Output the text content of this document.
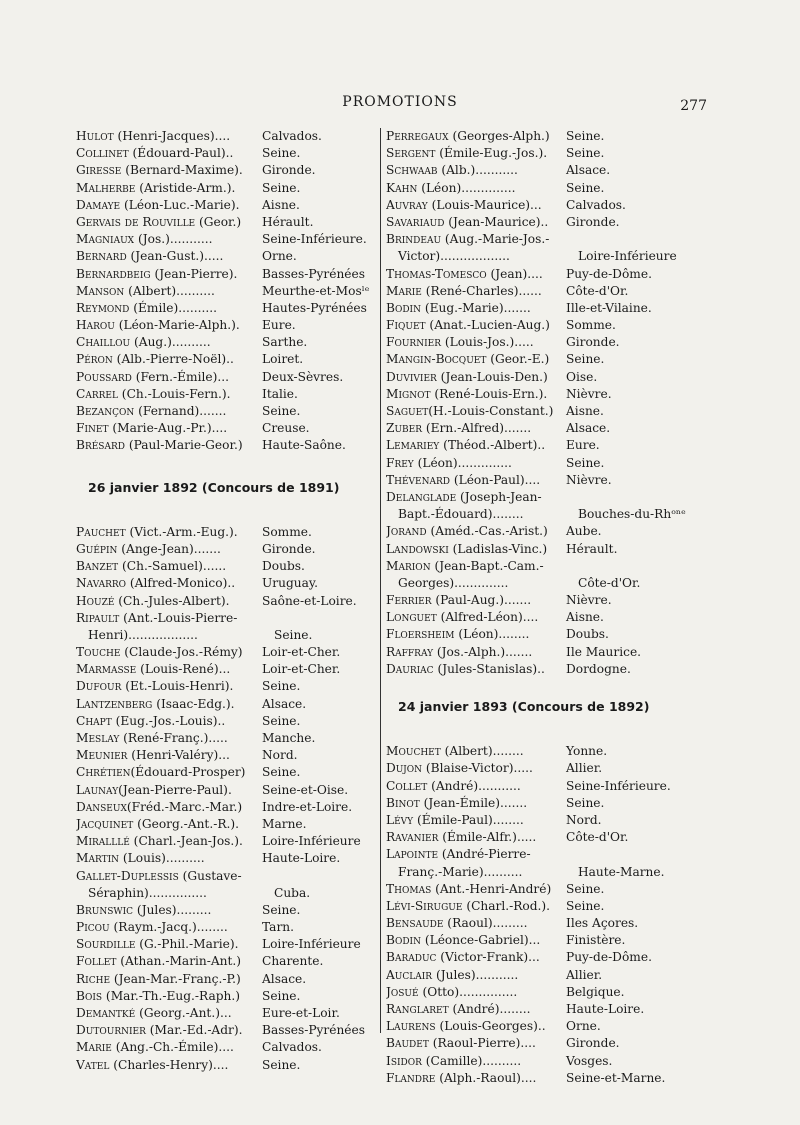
PROMOTIONS	277
Hulot (Henri-Jacques)....	Calvados.
Collinet (Édouard-Paul)..	Seine.
Giresse (Bernard-Maxime).	Gironde.
Malherbe (Aristide-Arm.).	Seine.
Damaye (Léon-Luc.-Marie).	Aisne.
Gervais de Rouville (Geor.)	Hérault.
Magniaux (Jos.)...........	Seine-Inférieure.
Bernard (Jean-Gust.).....	Orne.
Bernardbeig (Jean-Pierre).	Basses-Pyrénées
Manson (Albert)..........	Meurthe-et-Mosˡᵉ
Reymond (Émile)..........	Hautes-Pyrénées
Harou (Léon-Marie-Alph.).	Eure.
Chaillou (Aug.)..........	Sarthe.
Péron (Alb.-Pierre-Noël)..	Loiret.
Poussard (Fern.-Émile)...	Deux-Sèvres.
Carrel (Ch.-Louis-Fern.).	Italie.
Bezançon (Fernand).......	Seine.
Finet (Marie-Aug.-Pr.)....	Creuse.
Brésard (Paul-Marie-Geor.)	Haute-Saône.
26 janvier 1892 (Concours de 1891)
Pauchet (Vict.-Arm.-Eug.).	Somme.
Guépin (Ange-Jean).......	Gironde.
Banzet (Ch.-Samuel)......	Doubs.
Navarro (Alfred-Monico)..	Uruguay.
Houzé (Ch.-Jules-Albert).	Saône-et-Loire.
Ripault (Ant.-Louis-Pierre-
Henri)..................	Seine.
Touche (Claude-Jos.-Rémy)	Loir-et-Cher.
Marmasse (Louis-René)...	Loir-et-Cher.
Dufour (Et.-Louis-Henri).	Seine.
Lantzenberg (Isaac-Edg.).	Alsace.
Chapt (Eug.-Jos.-Louis)..	Seine.
Meslay (René-Franç.).....	Manche.
Meunier (Henri-Valéry)...	Nord.
Chrétien(Édouard-Prosper)	Seine.
Launay(Jean-Pierre-Paul).	Seine-et-Oise.
Danseux(Fréd.-Marc.-Mar.)	Indre-et-Loire.
Jacquinet (Georg.-Ant.-R.).	Marne.
Miralllé (Charl.-Jean-Jos.).	Loire-Inférieure
Martin (Louis)..........	Haute-Loire.
Gallet-Duplessis (Gustave-
Séraphin)...............	Cuba.
Brunswic (Jules).........	Seine.
Picou (Raym.-Jacq.)........	Tarn.
Sourdille (G.-Phil.-Marie).	Loire-Inférieure
Follet (Athan.-Marin-Ant.)	Charente.
Riche (Jean-Mar.-Franç.-P.)	Alsace.
Bois (Mar.-Th.-Eug.-Raph.)	Seine.
Demantké (Georg.-Ant.)...	Eure-et-Loir.
Dutournier (Mar.-Ed.-Adr).	Basses-Pyrénées
Marie (Ang.-Ch.-Émile)....	Calvados.
Vatel (Charles-Henry)....	Seine.
Perregaux (Georges-Alph.)	Seine.
Sergent (Émile-Eug.-Jos.).	Seine.
Schwaab (Alb.)...........	Alsace.
Kahn (Léon)..............	Seine.
Auvray (Louis-Maurice)...	Calvados.
Savariaud (Jean-Maurice)..	Gironde.
Brindeau (Aug.-Marie-Jos.-
Victor)..................	Loire-Inférieure
Thomas-Tomesco (Jean)....	Puy-de-Dôme.
Marie (René-Charles)......	Côte-d'Or.
Bodin (Eug.-Marie).......	Ille-et-Vilaine.
Fiquet (Anat.-Lucien-Aug.)	Somme.
Fournier (Louis-Jos.).....	Gironde.
Mangin-Bocquet (Geor.-E.)	Seine.
Duvivier (Jean-Louis-Den.)	Oise.
Mignot (René-Louis-Ern.).	Nièvre.
Saguet(H.-Louis-Constant.)	Aisne.
Zuber (Ern.-Alfred).......	Alsace.
Lemariey (Théod.-Albert)..	Eure.
Frey (Léon)..............	Seine.
Thévenard (Léon-Paul)....	Nièvre.
Delanglade (Joseph-Jean-
Bapt.-Édouard)........	Bouches-du-Rhᵒⁿᵉ
Jorand (Améd.-Cas.-Arist.)	Aube.
Landowski (Ladislas-Vinc.)	Hérault.
Marion (Jean-Bapt.-Cam.-
Georges)..............	Côte-d'Or.
Ferrier (Paul-Aug.).......	Nièvre.
Longuet (Alfred-Léon)....	Aisne.
Floersheim (Léon)........	Doubs.
Raffray (Jos.-Alph.).......	Ile Maurice.
Dauriac (Jules-Stanislas)..	Dordogne.
24 janvier 1893 (Concours de 1892)
Mouchet (Albert)........	Yonne.
Dujon (Blaise-Victor).....	Allier.
Collet (André)...........	Seine-Inférieure.
Binot (Jean-Émile).......	Seine.
Lévy (Émile-Paul)........	Nord.
Ravanier (Émile-Alfr.).....	Côte-d'Or.
Lapointe (André-Pierre-
Franç.-Marie)..........	Haute-Marne.
Thomas (Ant.-Henri-André)	Seine.
Lévi-Sirugue (Charl.-Rod.).	Seine.
Bensaude (Raoul).........	Iles Açores.
Bodin (Léonce-Gabriel)...	Finistère.
Baraduc (Victor-Frank)...	Puy-de-Dôme.
Auclair (Jules)...........	Allier.
Josué (Otto)...............	Belgique.
Ranglaret (André)........	Haute-Loire.
Laurens (Louis-Georges)..	Orne.
Baudet (Raoul-Pierre)....	Gironde.
Isidor (Camille)..........	Vosges.
Flandre (Alph.-Raoul)....	Seine-et-Marne.
